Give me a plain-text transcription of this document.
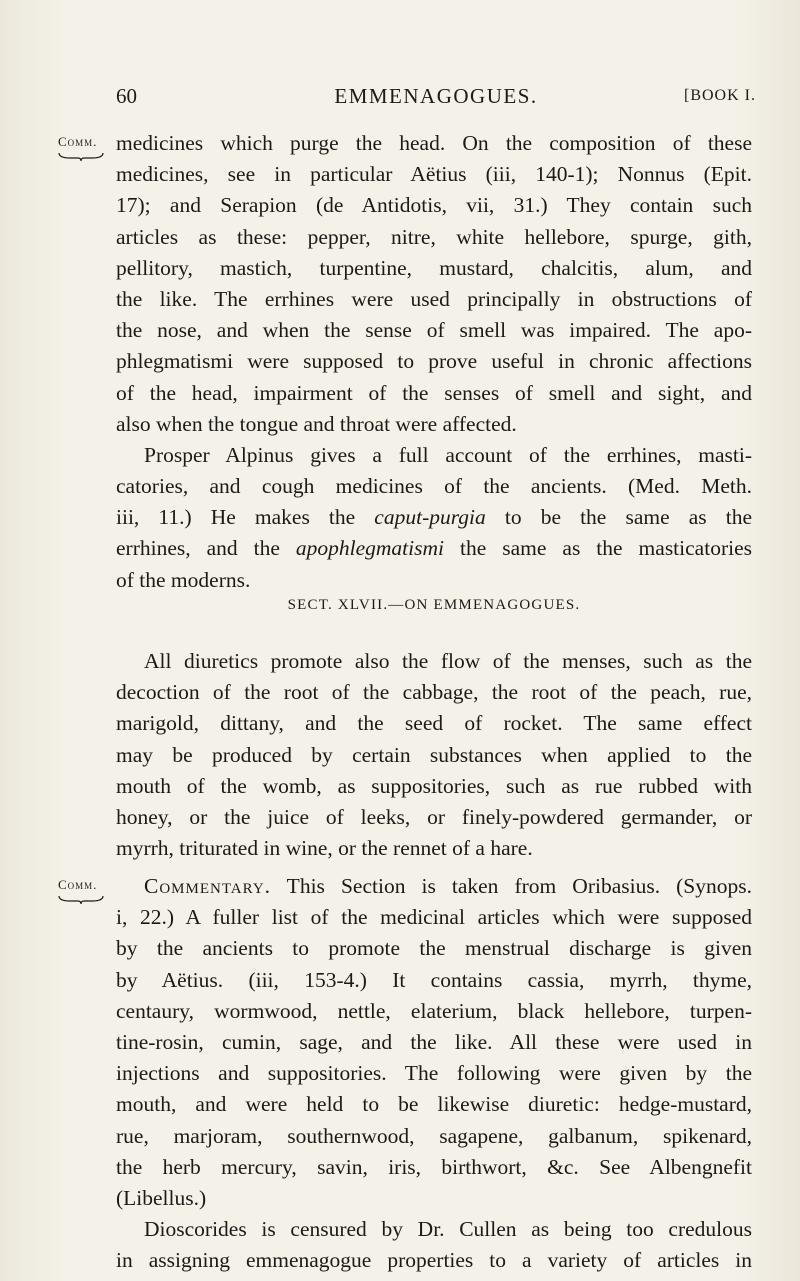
60	EMMENAGOGUES.	[BOOK I.
Comm. medicines which purge the head. On the composition of these
medicines, see in particular Aëtius (iii, 140-1); Nonnus (Epit.
17); and Serapion (de Antidotis, vii, 31.) They contain such
articles as these: pepper, nitre, white hellebore, spurge, gith,
pellitory, mastich, turpentine, mustard, chalcitis, alum, and
the like. The errhines were used principally in obstructions of
the nose, and when the sense of smell was impaired. The apo-
phlegmatismi were supposed to prove useful in chronic affections
of the head, impairment of the senses of smell and sight, and
also when the tongue and throat were affected.
Prosper Alpinus gives a full account of the errhines, masti-
catories, and cough medicines of the ancients. (Med. Meth.
iii, 11.) He makes the caput-purgia to be the same as the
errhines, and the apophlegmatismi the same as the masticatories
of the moderns.
SECT. XLVII.—ON EMMENAGOGUES.
All diuretics promote also the flow of the menses, such as the
decoction of the root of the cabbage, the root of the peach, rue,
marigold, dittany, and the seed of rocket. The same effect
may be produced by certain substances when applied to the
mouth of the womb, as suppositories, such as rue rubbed with
honey, or the juice of leeks, or finely-powdered germander, or
myrrh, triturated in wine, or the rennet of a hare.
Comm.	Commentary. This Section is taken from Oribasius. (Synops.
i, 22.) A fuller list of the medicinal articles which were supposed
by the ancients to promote the menstrual discharge is given
by Aëtius. (iii, 153-4.) It contains cassia, myrrh, thyme,
centaury, wormwood, nettle, elaterium, black hellebore, turpen-
tine-rosin, cumin, sage, and the like. All these were used in
injections and suppositories. The following were given by the
mouth, and were held to be likewise diuretic: hedge-mustard,
rue, marjoram, southernwood, sagapene, galbanum, spikenard,
the herb mercury, savin, iris, birthwort, &c. See Albengnefit
(Libellus.)
Dioscorides is censured by Dr. Cullen as being too credulous
in assigning emmenagogue properties to a variety of articles in
